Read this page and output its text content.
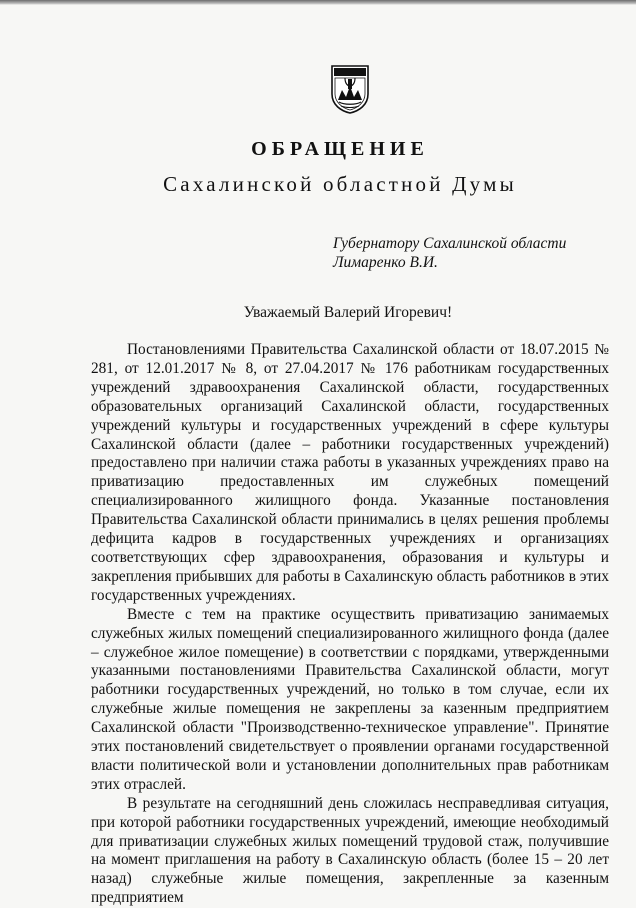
ОБРАЩЕНИЕ
Сахалинской областной Думы
Губернатору Сахалинской области
Лимаренко В.И.
Уважаемый Валерий Игоревич!

Постановлениями Правительства Сахалинской области от 18.07.2015 № 281, от 12.01.2017 № 8, от 27.04.2017 № 176 работникам государственных учреждений здравоохранения Сахалинской области, государственных образовательных организаций Сахалинской области, государственных учреждений культуры и государственных учреждений в сфере культуры Сахалинской области (далее – работники государственных учреждений) предоставлено при наличии стажа работы в указанных учреждениях право на приватизацию предоставленных им служебных помещений специализированного жилищного фонда. Указанные постановления Правительства Сахалинской области принимались в целях решения проблемы дефицита кадров в государственных учреждениях и организациях соответствующих сфер здравоохранения, образования и культуры и закрепления прибывших для работы в Сахалинскую область работников в этих государственных учреждениях.

Вместе с тем на практике осуществить приватизацию занимаемых служебных жилых помещений специализированного жилищного фонда (далее – служебное жилое помещение) в соответствии с порядками, утвержденными указанными постановлениями Правительства Сахалинской области, могут работники государственных учреждений, но только в том случае, если их служебные жилые помещения не закреплены за казенным предприятием Сахалинской области "Производственно-техническое управление". Принятие этих постановлений свидетельствует о проявлении органами государственной власти политической воли и установлении дополнительных прав работникам этих отраслей.

В результате на сегодняшний день сложилась несправедливая ситуация, при которой работники государственных учреждений, имеющие необходимый для приватизации служебных жилых помещений трудовой стаж, получившие на момент приглашения на работу в Сахалинскую область (более 15 – 20 лет назад) служебные жилые помещения, закрепленные за казенным предприятием
